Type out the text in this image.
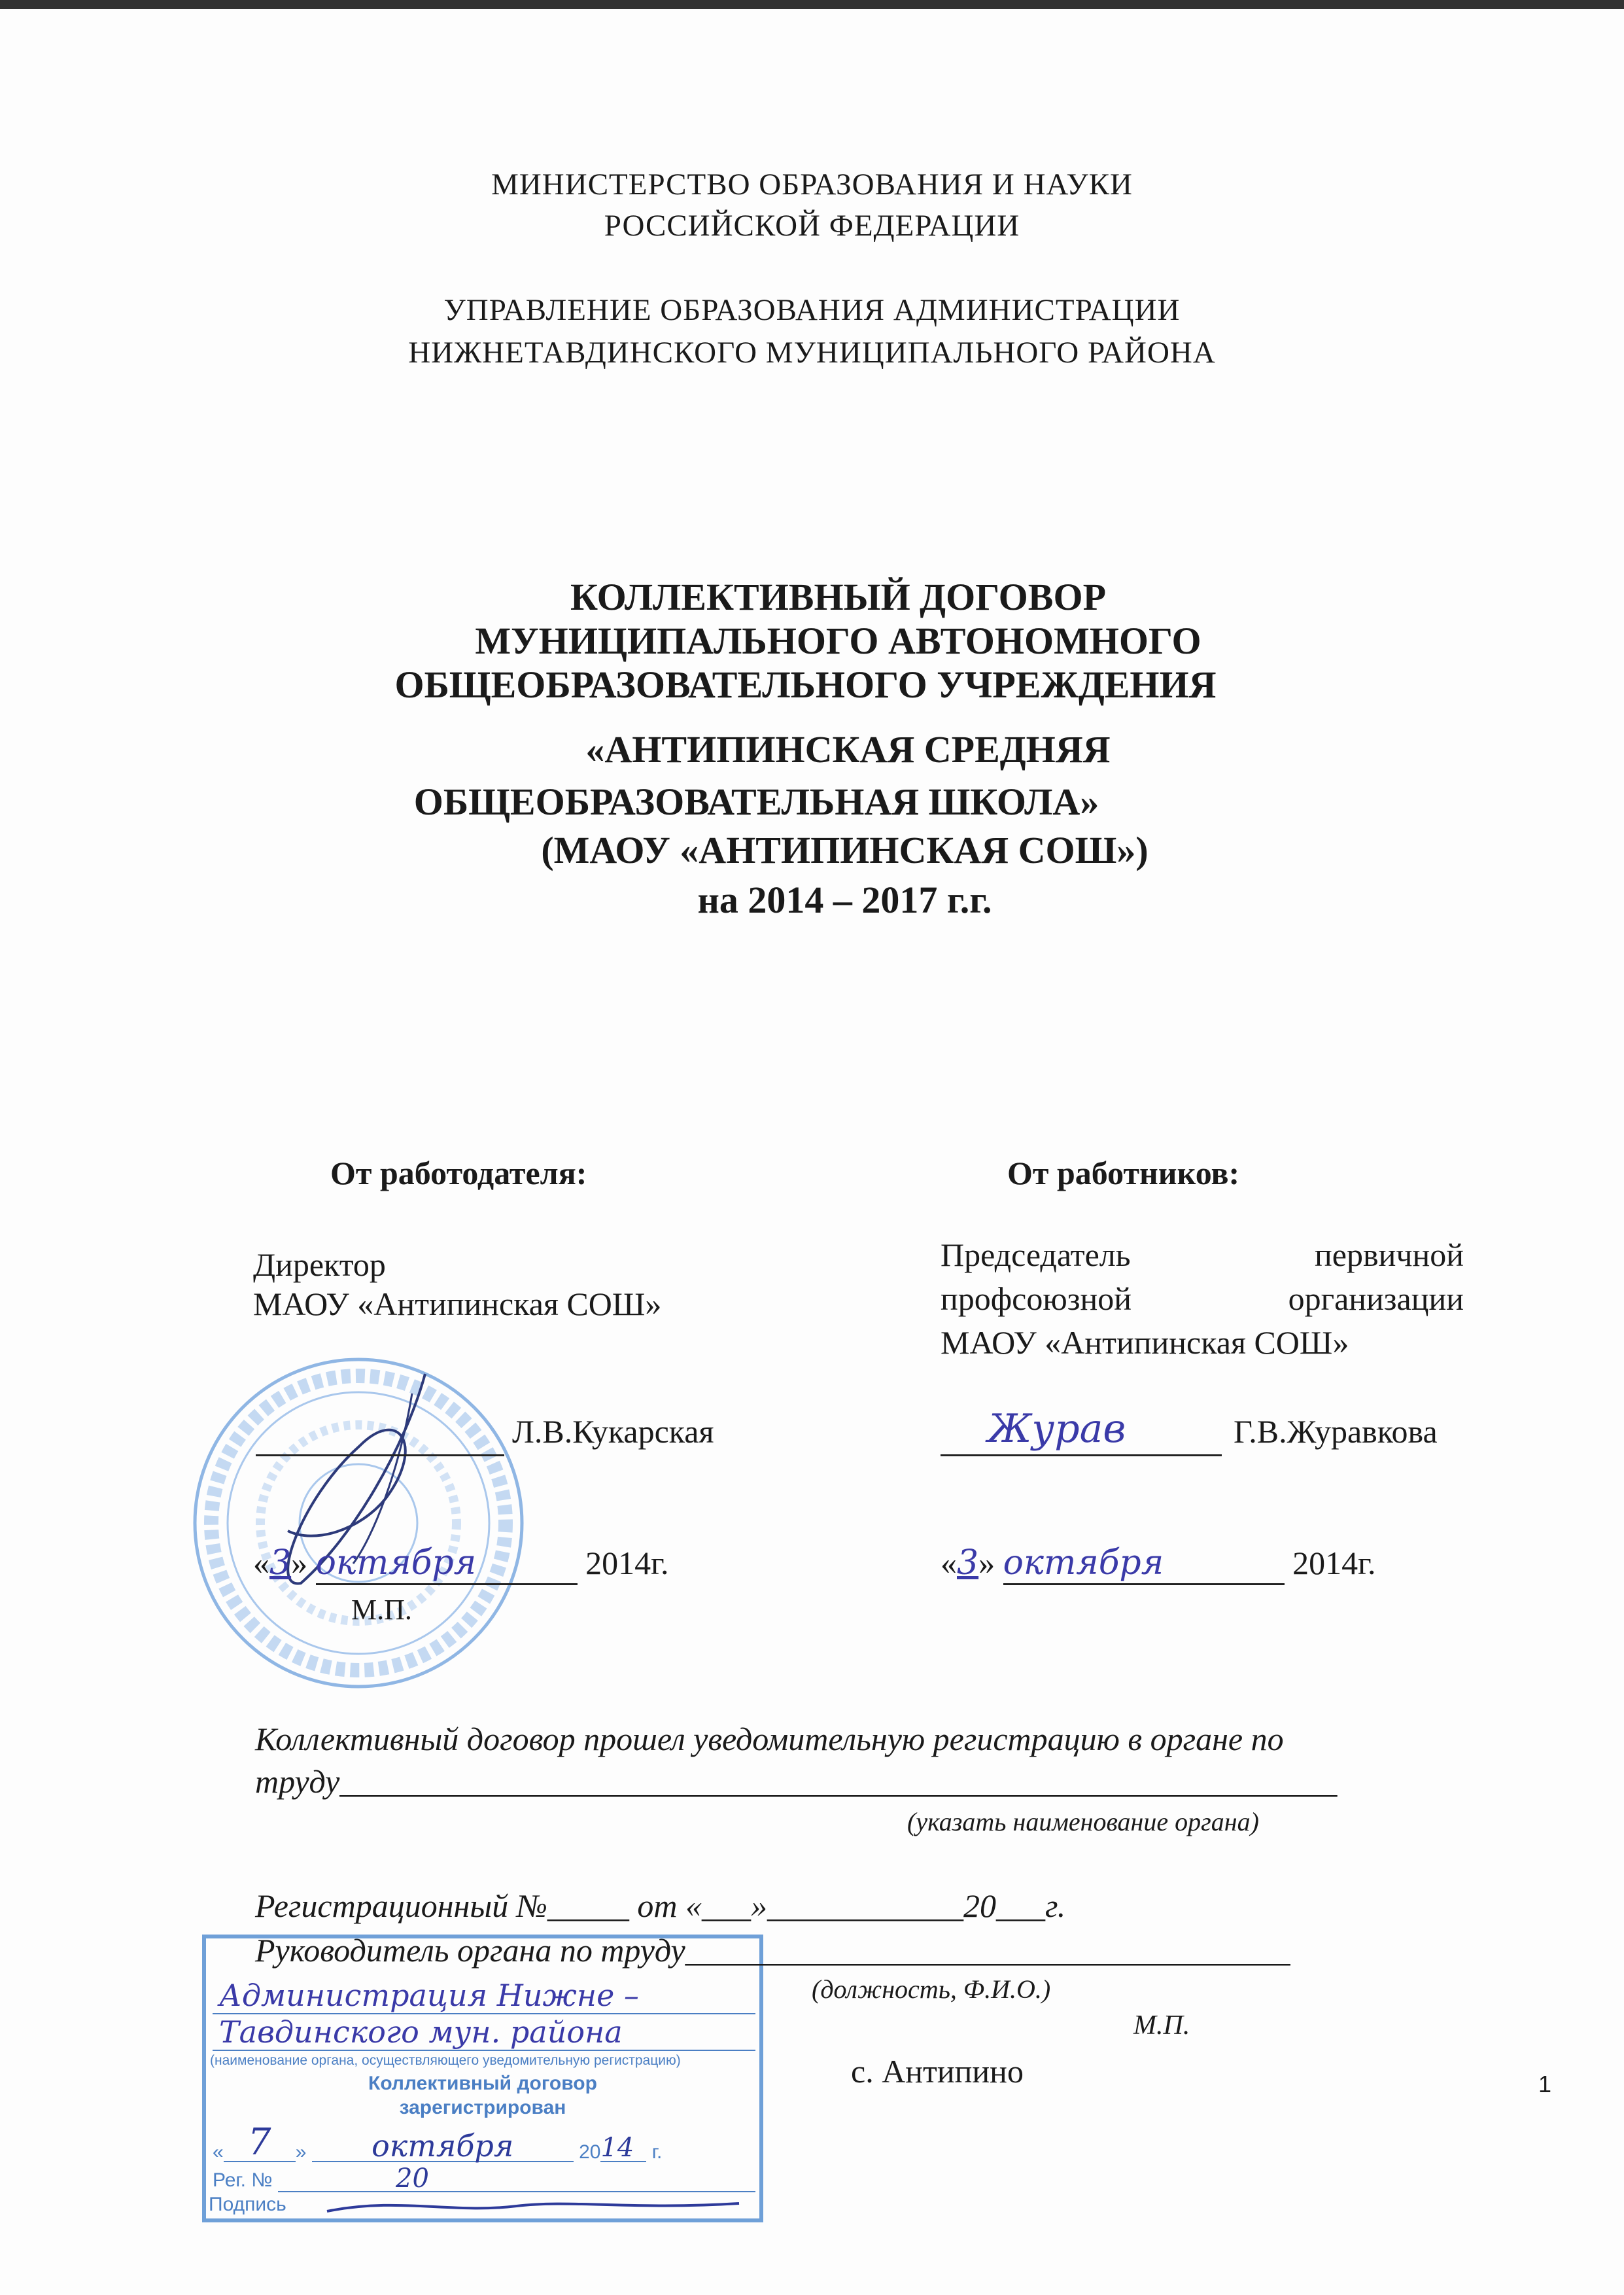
МИНИСТЕРСТВО ОБРАЗОВАНИЯ И НАУКИ
РОССИЙСКОЙ ФЕДЕРАЦИИ
УПРАВЛЕНИЕ ОБРАЗОВАНИЯ АДМИНИСТРАЦИИ
НИЖНЕТАВДИНСКОГО МУНИЦИПАЛЬНОГО РАЙОНА
КОЛЛЕКТИВНЫЙ ДОГОВОР
МУНИЦИПАЛЬНОГО АВТОНОМНОГО
ОБЩЕОБРАЗОВАТЕЛЬНОГО УЧРЕЖДЕНИЯ
«АНТИПИНСКАЯ СРЕДНЯЯ
ОБЩЕОБРАЗОВАТЕЛЬНАЯ ШКОЛА»
(МАОУ «АНТИПИНСКАЯ СОШ»)
на 2014 – 2017 г.г.
От работодателя:
Директор
МАОУ «Антипинская СОШ»
Л.В.Кукарская
«3» октября	2014г.
М.П.
От работников:
Председатель	первичной
профсоюзной	организации
МАОУ «Антипинская СОШ»
Журав	Г.В.Журавкова
«3» октября	2014г.
Коллективный договор прошел уведомительную регистрацию в органе по
труду_____________________________________________________________
(указать наименование органа)
Регистрационный №_____ от «___»____________20___г.
Руководитель органа по труду_____________________________________
(должность, Ф.И.О.)
М.П.
с. Антипино	1
Администрация Нижне –
Тавдинского мун. района
(наименование органа, осуществляющего уведомительную регистрацию)
Коллективный договор
зарегистрирован
« 7	»	октября
	20 14
г.
Рег. №	20
Подпись
